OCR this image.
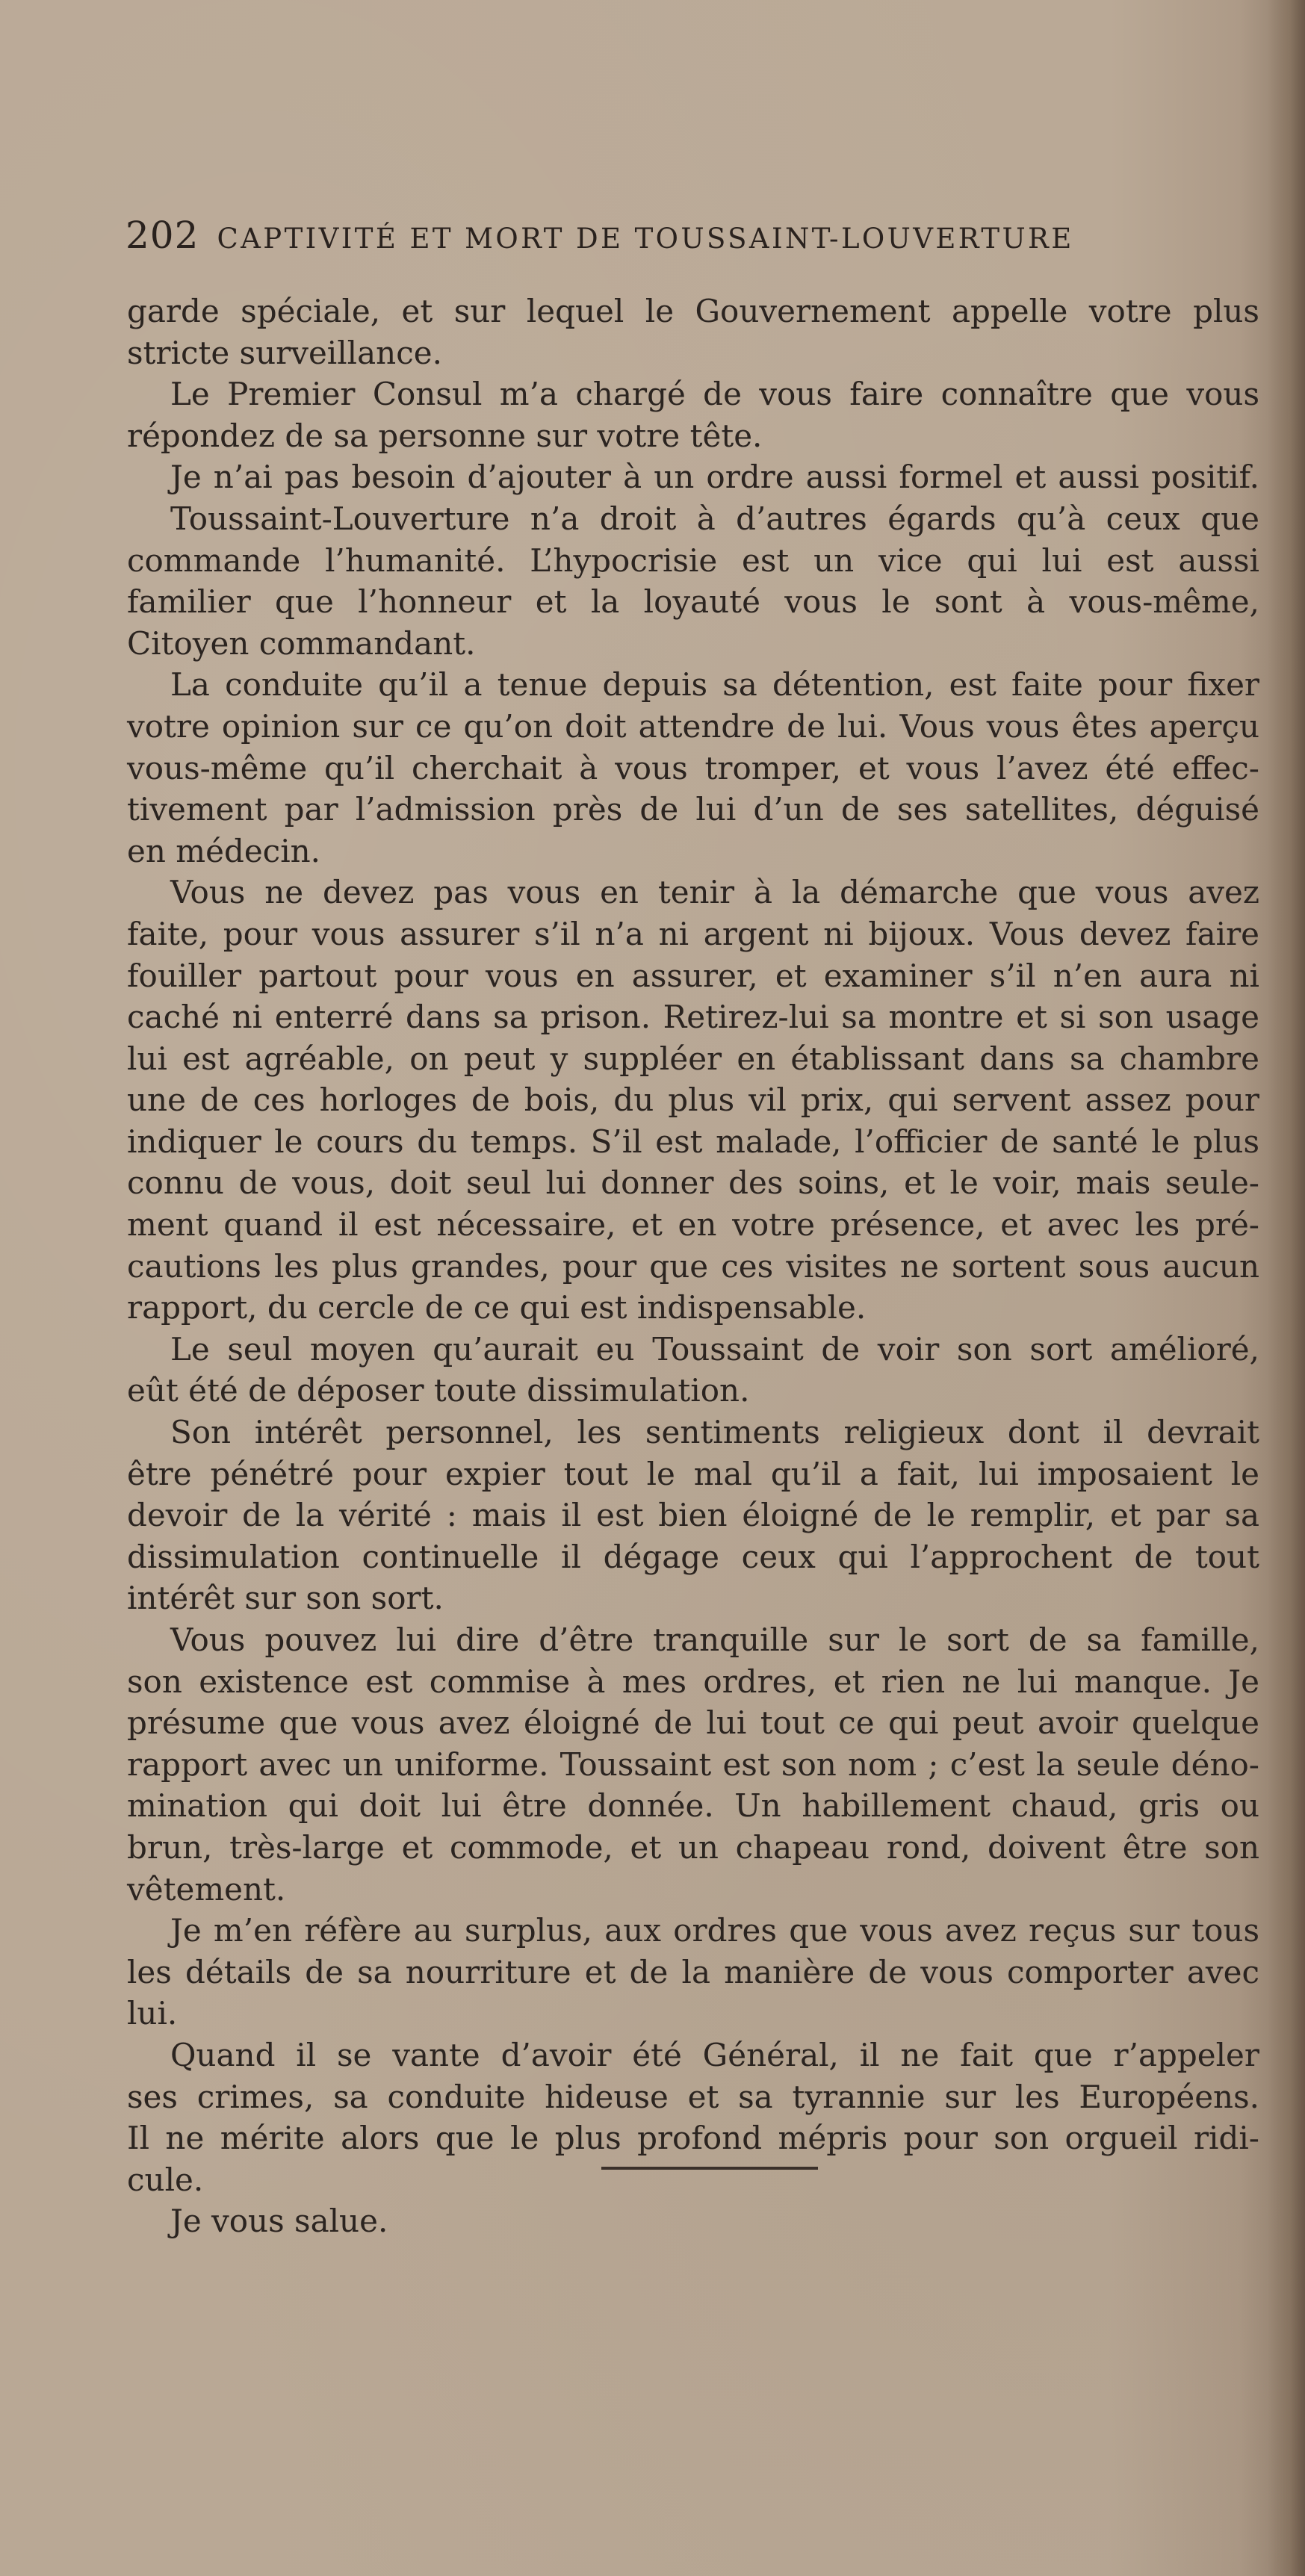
202 CAPTIVITÉ ET MORT DE TOUSSAINT-LOUVERTURE
garde spéciale, et sur lequel le Gouvernement appelle votre plus
stricte surveillance.
Le Premier Consul m’a chargé de vous faire connaître que vous
répondez de sa personne sur votre tête.
Je n’ai pas besoin d’ajouter à un ordre aussi formel et aussi positif.
Toussaint-Louverture n’a droit à d’autres égards qu’à ceux que
commande l’humanité. L’hypocrisie est un vice qui lui est aussi
familier que l’honneur et la loyauté vous le sont à vous-même,
Citoyen commandant.
La conduite qu’il a tenue depuis sa détention, est faite pour fixer
votre opinion sur ce qu’on doit attendre de lui. Vous vous êtes aperçu
vous-même qu’il cherchait à vous tromper, et vous l’avez été effec-
tivement par l’admission près de lui d’un de ses satellites, déguisé
en médecin.
Vous ne devez pas vous en tenir à la démarche que vous avez
faite, pour vous assurer s’il n’a ni argent ni bijoux. Vous devez faire
fouiller partout pour vous en assurer, et examiner s’il n’en aura ni
caché ni enterré dans sa prison. Retirez-lui sa montre et si son usage
lui est agréable, on peut y suppléer en établissant dans sa chambre
une de ces horloges de bois, du plus vil prix, qui servent assez pour
indiquer le cours du temps. S’il est malade, l’officier de santé le plus
connu de vous, doit seul lui donner des soins, et le voir, mais seule-
ment quand il est nécessaire, et en votre présence, et avec les pré-
cautions les plus grandes, pour que ces visites ne sortent sous aucun
rapport, du cercle de ce qui est indispensable.
Le seul moyen qu’aurait eu Toussaint de voir son sort amélioré,
eût été de déposer toute dissimulation.
Son intérêt personnel, les sentiments religieux dont il devrait
être pénétré pour expier tout le mal qu’il a fait, lui imposaient le
devoir de la vérité : mais il est bien éloigné de le remplir, et par sa
dissimulation continuelle il dégage ceux qui l’approchent de tout
intérêt sur son sort.
Vous pouvez lui dire d’être tranquille sur le sort de sa famille,
son existence est commise à mes ordres, et rien ne lui manque. Je
présume que vous avez éloigné de lui tout ce qui peut avoir quelque
rapport avec un uniforme. Toussaint est son nom ; c’est la seule déno-
mination qui doit lui être donnée. Un habillement chaud, gris ou
brun, très-large et commode, et un chapeau rond, doivent être son
vêtement.
Je m’en réfère au surplus, aux ordres que vous avez reçus sur tous
les détails de sa nourriture et de la manière de vous comporter avec
lui.
Quand il se vante d’avoir été Général, il ne fait que r’appeler
ses crimes, sa conduite hideuse et sa tyrannie sur les Européens.
Il ne mérite alors que le plus profond mépris pour son orgueil ridi-
cule.
Je vous salue.
